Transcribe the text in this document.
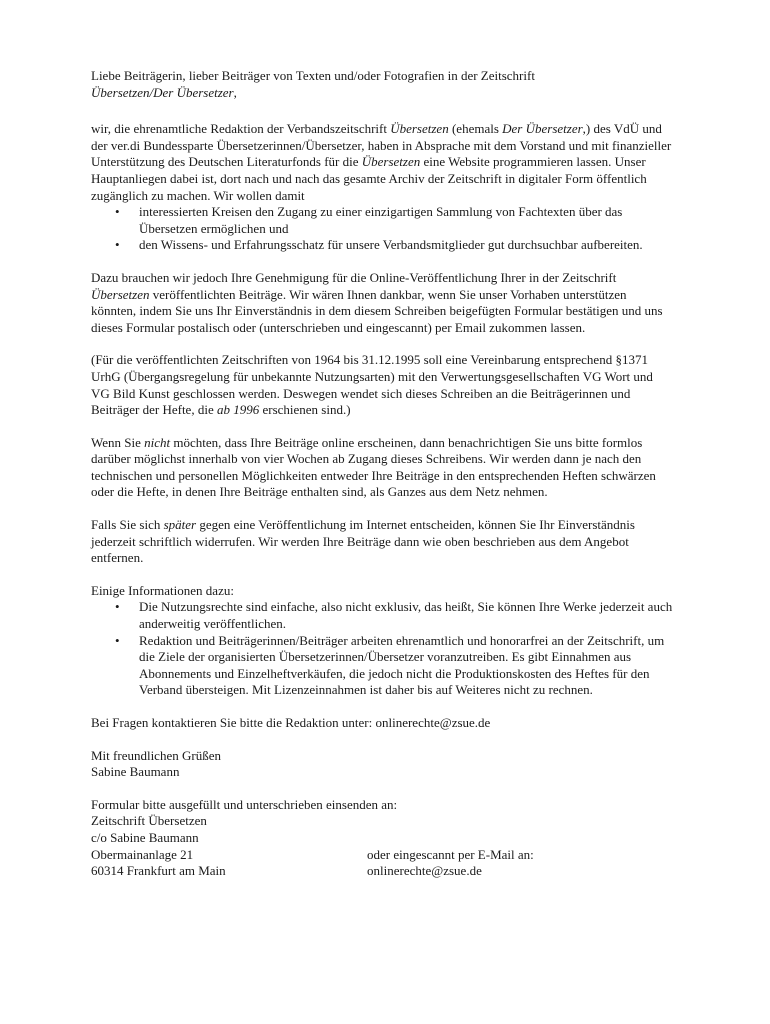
Liebe Beiträgerin, lieber Beiträger von Texten und/oder Fotografien in der Zeitschrift
Übersetzen/Der Übersetzer,

wir, die ehrenamtliche Redaktion der Verbandszeitschrift Übersetzen (ehemals Der Übersetzer,) des VdÜ und der ver.di Bundessparte Übersetzerinnen/Übersetzer, haben in Absprache mit dem Vorstand und mit finanzieller Unterstützung des Deutschen Literaturfonds für die Übersetzen eine Website programmieren lassen. Unser Hauptanliegen dabei ist, dort nach und nach das gesamte Archiv der Zeitschrift in digitaler Form öffentlich zugänglich zu machen. Wir wollen damit

• interessierten Kreisen den Zugang zu einer einzigartigen Sammlung von Fachtexten über das Übersetzen ermöglichen und
• den Wissens- und Erfahrungsschatz für unsere Verbandsmitglieder gut durchsuchbar aufbereiten.

Dazu brauchen wir jedoch Ihre Genehmigung für die Online-Veröffentlichung Ihrer in der Zeitschrift Übersetzen veröffentlichten Beiträge. Wir wären Ihnen dankbar, wenn Sie unser Vorhaben unterstützen könnten, indem Sie uns Ihr Einverständnis in dem diesem Schreiben beigefügten Formular bestätigen und uns dieses Formular postalisch oder (unterschrieben und eingescannt) per Email zukommen lassen.

(Für die veröffentlichten Zeitschriften von 1964 bis 31.12.1995 soll eine Vereinbarung entsprechend §1371 UrhG (Übergangsregelung für unbekannte Nutzungsarten) mit den Verwertungsgesellschaften VG Wort und VG Bild Kunst geschlossen werden. Deswegen wendet sich dieses Schreiben an die Beiträgerinnen und Beiträger der Hefte, die ab 1996 erschienen sind.)

Wenn Sie nicht möchten, dass Ihre Beiträge online erscheinen, dann benachrichtigen Sie uns bitte formlos darüber möglichst innerhalb von vier Wochen ab Zugang dieses Schreibens. Wir werden dann je nach den technischen und personellen Möglichkeiten entweder Ihre Beiträge in den entsprechenden Heften schwärzen oder die Hefte, in denen Ihre Beiträge enthalten sind, als Ganzes aus dem Netz nehmen.

Falls Sie sich später gegen eine Veröffentlichung im Internet entscheiden, können Sie Ihr Einverständnis jederzeit schriftlich widerrufen. Wir werden Ihre Beiträge dann wie oben beschrieben aus dem Angebot entfernen.

Einige Informationen dazu:

• Die Nutzungsrechte sind einfache, also nicht exklusiv, das heißt, Sie können Ihre Werke jederzeit auch anderweitig veröffentlichen.
• Redaktion und Beiträgerinnen/Beiträger arbeiten ehrenamtlich und honorarfrei an der Zeitschrift, um die Ziele der organisierten Übersetzerinnen/Übersetzer voranzutreiben. Es gibt Einnahmen aus Abonnements und Einzelheftverkäufen, die jedoch nicht die Produktionskosten des Heftes für den Verband übersteigen. Mit Lizenzeinnahmen ist daher bis auf Weiteres nicht zu rechnen.

Bei Fragen kontaktieren Sie bitte die Redaktion unter: onlinerechte@zsue.de

Mit freundlichen Grüßen

Sabine Baumann

Formular bitte ausgefüllt und unterschrieben einsenden an:

Zeitschrift Übersetzen

c/o Sabine Baumann

Obermainanlage 21	oder eingescannt per E-Mail an:
60314 Frankfurt am Main	onlinerechte@zsue.de
